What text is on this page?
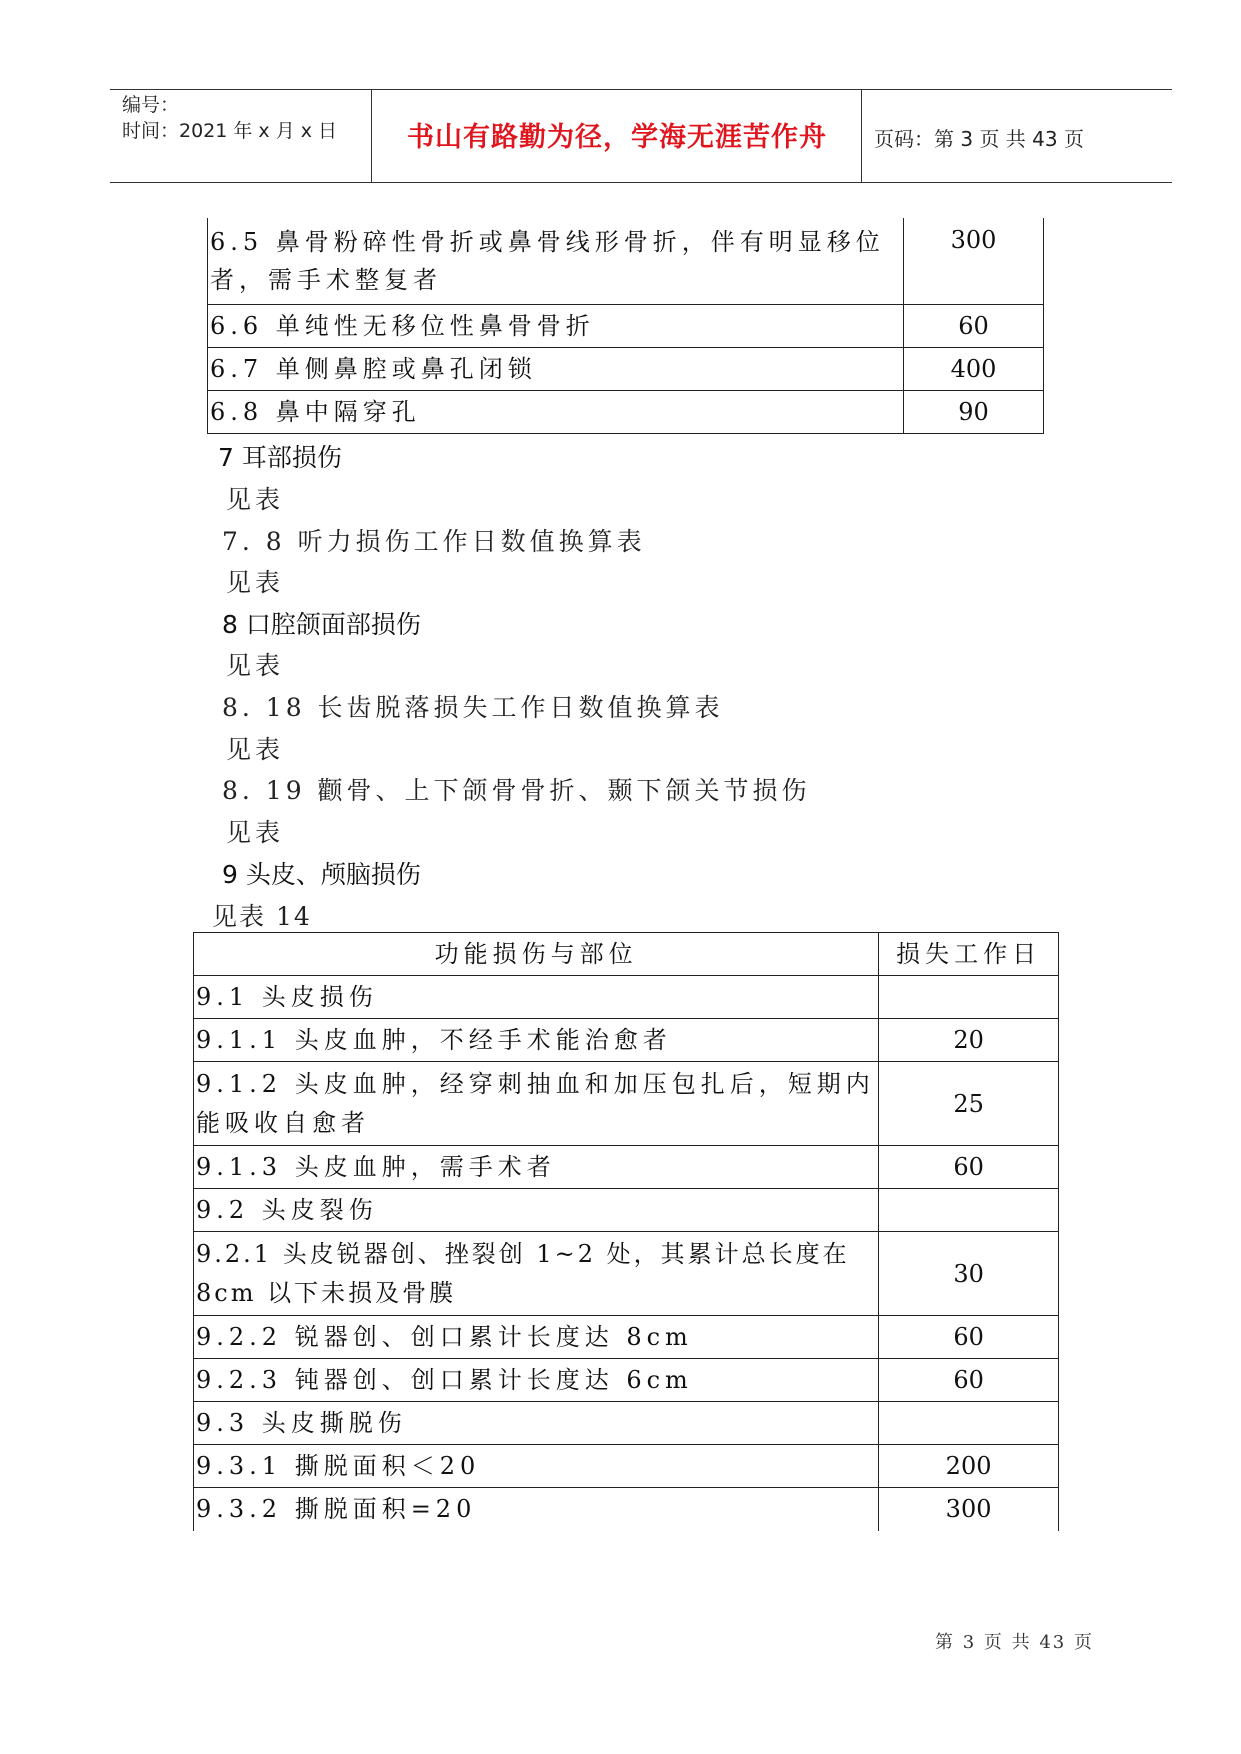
编号：
时间：2021 年 x 月 x 日	书山有路勤为径，学海无涯苦作舟	页码：第 3 页 共 43 页
6.5 鼻骨粉碎性骨折或鼻骨线形骨折，伴有明显移位者，需手术整复者	300
6.6 单纯性无移位性鼻骨骨折	60
6.7 单侧鼻腔或鼻孔闭锁	400
6.8 鼻中隔穿孔	90
7 耳部损伤
见表
7. 8 听力损伤工作日数值换算表
见表
8 口腔颌面部损伤
见表
8. 18 长齿脱落损失工作日数值换算表
见表
8. 19 颧骨、上下颌骨骨折、颞下颌关节损伤
见表
9 头皮、颅脑损伤
见表 14
功能损伤与部位	损失工作日
9.1 头皮损伤	
9.1.1 头皮血肿，不经手术能治愈者	20
9.1.2 头皮血肿，经穿刺抽血和加压包扎后，短期内能吸收自愈者	25
9.1.3 头皮血肿，需手术者	60
9.2 头皮裂伤	
9.2.1 头皮锐器创、挫裂创 1~2 处，其累计总长度在 8cm 以下未损及骨膜	30
9.2.2 锐器创、创口累计长度达 8cm	60
9.2.3 钝器创、创口累计长度达 6cm	60
9.3 头皮撕脱伤	
9.3.1 撕脱面积＜20	200
9.3.2 撕脱面积=20	300
第 3 页 共 43 页
